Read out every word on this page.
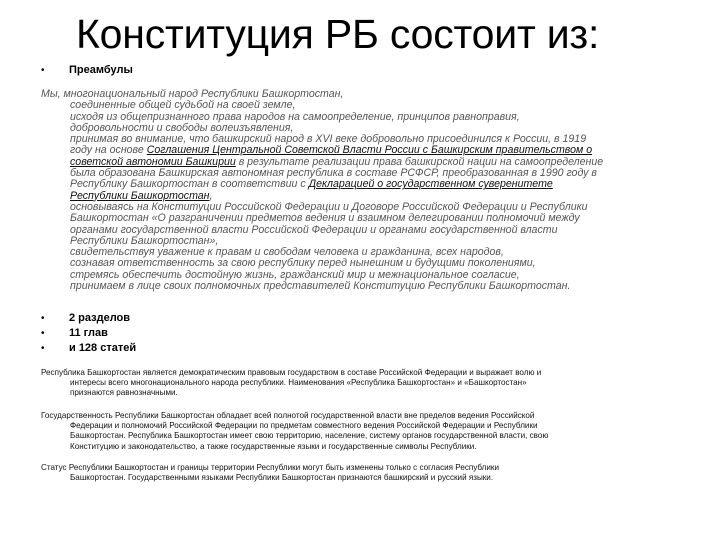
Конституция РБ состоит из:
•	Преамбулы
Мы, многонациональный народ Республики Башкортостан,
соединенные общей судьбой на своей земле,
исходя из общепризнанного права народов на самоопределение, принципов равноправия,
добровольности и свободы волеизъявления,
принимая во внимание, что башкирский народ в XVI веке добровольно присоединился к России, в 1919
году на основе Соглашения Центральной Советской Власти России с Башкирским правительством о
советской автономии Башкирии в результате реализации права башкирской нации на самоопределение
была образована Башкирская автономная республика в составе РСФСР, преобразованная в 1990 году в
Республику Башкортостан в соответствии с Декларацией о государственном суверенитете
Республики Башкортостан,
основываясь на Конституции Российской Федерации и Договоре Российской Федерации и Республики
Башкортостан «О разграничении предметов ведения и взаимном делегировании полномочий между
органами государственной власти Российской Федерации и органами государственной власти
Республики Башкортостан»,
свидетельствуя уважение к правам и свободам человека и гражданина, всех народов,
сознавая ответственность за свою республику перед нынешним и будущими поколениями,
стремясь обеспечить достойную жизнь, гражданский мир и межнациональное согласие,
принимаем в лице своих полномочных представителей Конституцию Республики Башкортостан.
•	2 разделов
•	11 глав
•	и 128 статей
Республика Башкортостан является демократическим правовым государством в составе Российской Федерации и выражает волю и
интересы всего многонационального народа республики. Наименования «Республика Башкортостан» и «Башкортостан»
признаются равнозначными.
Государственность Республики Башкортостан обладает всей полнотой государственной власти вне пределов ведения Российской
Федерации и полномочий Российской Федерации по предметам совместного ведения Российской Федерации и Республики
Башкортостан. Республика Башкортостан имеет свою территорию, население, систему органов государственной власти, свою
Конституцию и законодательство, а также государственные языки и государственные символы Республики.
Статус Республики Башкортостан и границы территории Республики могут быть изменены только с согласия Республики
Башкортостан. Государственными языками Республики Башкортостан признаются башкирский и русский языки.
